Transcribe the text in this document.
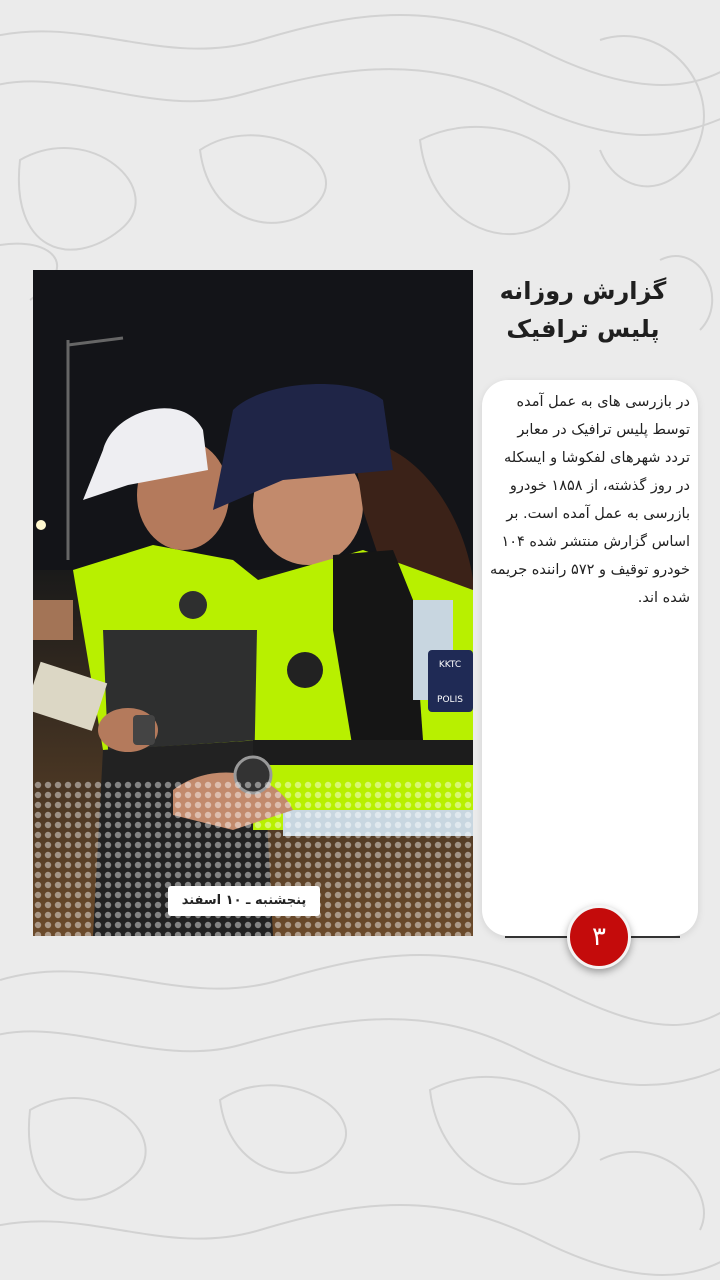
KKTC
POLIS
پنجشنبه ـ ۱۰ اسفند
گزارش روزانه
پلیس ترافیک
در بازرسی های به عمل آمده توسط پلیس ترافیک در معابر تردد شهرهای لفکوشا و ایسکله در روز گذشته، از ۱۸۵۸ خودرو بازرسی به عمل آمده است. بر اساس گزارش منتشر شده ۱۰۴ خودرو توقیف و ۵۷۲ راننده جریمه شده اند.
۳
